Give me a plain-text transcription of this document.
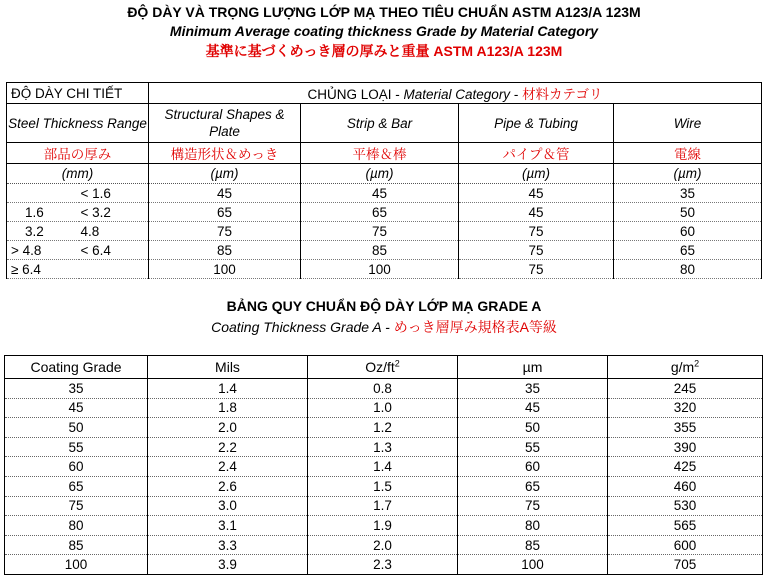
ĐỘ DÀY VÀ TRỌNG LƯỢNG LỚP MẠ THEO TIÊU CHUẨN ASTM A123/A 123M
Minimum Average coating thickness Grade by Material Category
基準に基づくめっき層の厚みと重量 ASTM A123/A 123M
ĐỘ DÀY CHI TIẾT		CHỦNG LOẠI - Material Category - 材料カテゴリ			
Steel Thickness Range		Structural Shapes & Plate	Strip & Bar	Pipe & Tubing	Wire
部品の厚み		構造形状＆めっき	平棒＆棒	パイプ＆管	電線
(mm)		(µm)	(µm)	(µm)	(µm)
	< 1.6	45	45	45	35
1.6	< 3.2	65	65	45	50
3.2	4.8	75	75	75	60
> 4.8	< 6.4	85	85	75	65
≥ 6.4		100	100	75	80
BẢNG QUY CHUẨN ĐỘ DÀY LỚP MẠ GRADE A
Coating Thickness Grade A - めっき層厚み規格表A等級
Coating Grade	Mils	$Oz/ft^2$	µm	$g/m^2$
35	1.4	0.8	35	245
45	1.8	1.0	45	320
50	2.0	1.2	50	355
55	2.2	1.3	55	390
60	2.4	1.4	60	425
65	2.6	1.5	65	460
75	3.0	1.7	75	530
80	3.1	1.9	80	565
85	3.3	2.0	85	600
100	3.9	2.3	100	705
